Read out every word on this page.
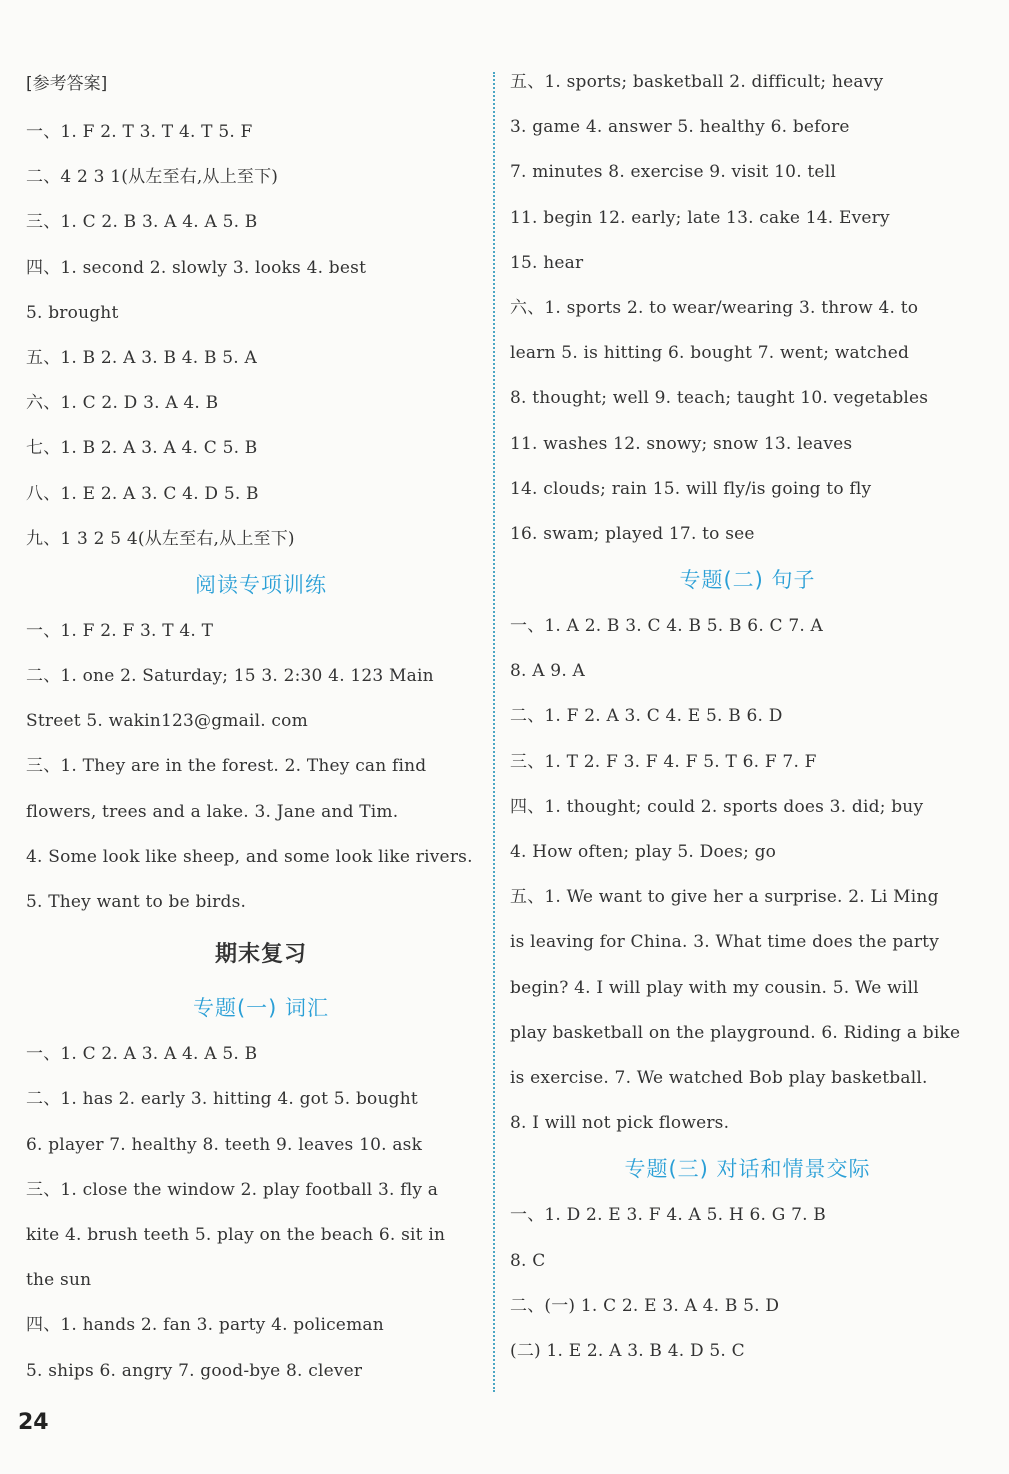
[参考答案]
一、1. F 2. T 3. T 4. T 5. F
二、4 2 3 1(从左至右,从上至下)
三、1. C 2. B 3. A 4. A 5. B
四、1. second 2. slowly 3. looks 4. best
5. brought
五、1. B 2. A 3. B 4. B 5. A
六、1. C 2. D 3. A 4. B
七、1. B 2. A 3. A 4. C 5. B
八、1. E 2. A 3. C 4. D 5. B
九、1 3 2 5 4(从左至右,从上至下)
阅读专项训练
一、1. F 2. F 3. T 4. T
二、1. one 2. Saturday; 15 3. 2:30 4. 123 Main
Street 5. wakin123@gmail. com
三、1. They are in the forest. 2. They can find
flowers, trees and a lake. 3. Jane and Tim.
4. Some look like sheep, and some look like rivers.
5. They want to be birds.
期末复习
专题(一) 词汇
一、1. C 2. A 3. A 4. A 5. B
二、1. has 2. early 3. hitting 4. got 5. bought
6. player 7. healthy 8. teeth 9. leaves 10. ask
三、1. close the window 2. play football 3. fly a
kite 4. brush teeth 5. play on the beach 6. sit in
the sun
四、1. hands 2. fan 3. party 4. policeman
5. ships 6. angry 7. good-bye 8. clever
五、1. sports; basketball 2. difficult; heavy
3. game 4. answer 5. healthy 6. before
7. minutes 8. exercise 9. visit 10. tell
11. begin 12. early; late 13. cake 14. Every
15. hear
六、1. sports 2. to wear/wearing 3. throw 4. to
learn 5. is hitting 6. bought 7. went; watched
8. thought; well 9. teach; taught 10. vegetables
11. washes 12. snowy; snow 13. leaves
14. clouds; rain 15. will fly/is going to fly
16. swam; played 17. to see
专题(二) 句子
一、1. A 2. B 3. C 4. B 5. B 6. C 7. A
8. A 9. A
二、1. F 2. A 3. C 4. E 5. B 6. D
三、1. T 2. F 3. F 4. F 5. T 6. F 7. F
四、1. thought; could 2. sports does 3. did; buy
4. How often; play 5. Does; go
五、1. We want to give her a surprise. 2. Li Ming
is leaving for China. 3. What time does the party
begin? 4. I will play with my cousin. 5. We will
play basketball on the playground. 6. Riding a bike
is exercise. 7. We watched Bob play basketball.
8. I will not pick flowers.
专题(三) 对话和情景交际
一、1. D 2. E 3. F 4. A 5. H 6. G 7. B
8. C
二、(一) 1. C 2. E 3. A 4. B 5. D
(二) 1. E 2. A 3. B 4. D 5. C
24
